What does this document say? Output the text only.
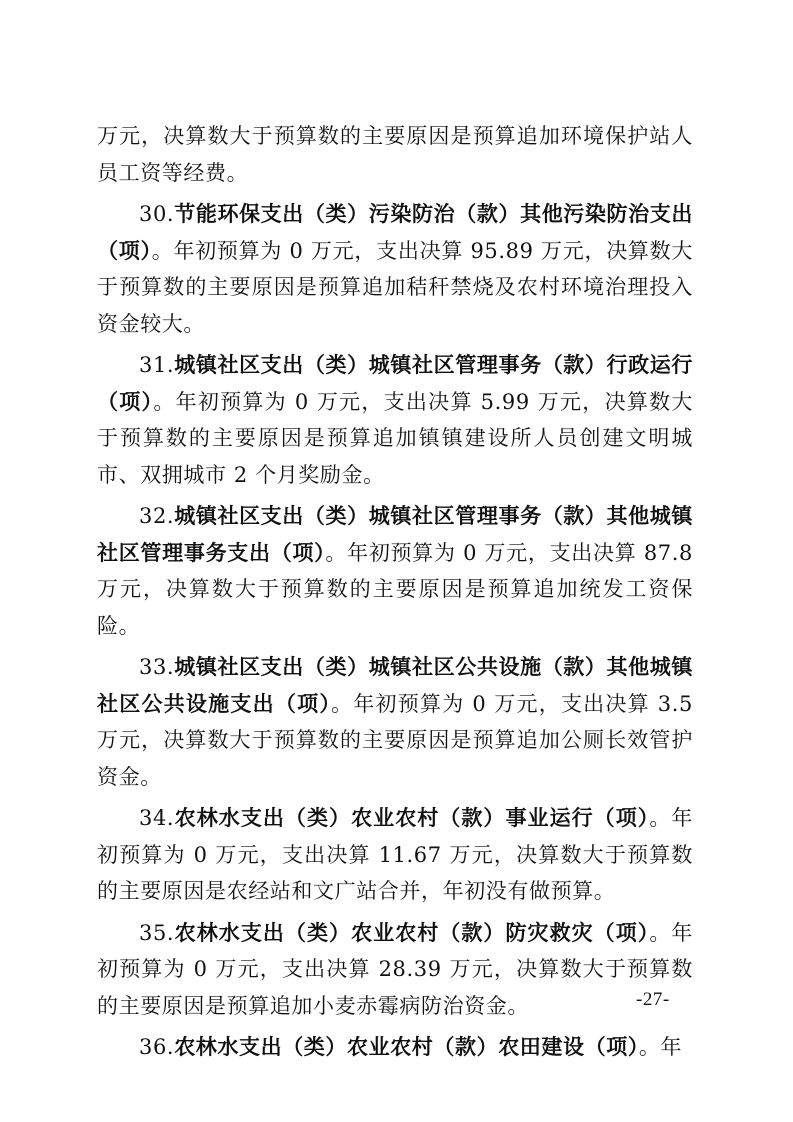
万元，决算数大于预算数的主要原因是预算追加环境保护站人员工资等经费。

30.节能环保支出（类）污染防治（款）其他污染防治支出（项）。年初预算为 0 万元，支出决算 95.89 万元，决算数大于预算数的主要原因是预算追加秸秆禁烧及农村环境治理投入资金较大。

31.城镇社区支出（类）城镇社区管理事务（款）行政运行（项）。年初预算为 0 万元，支出决算 5.99 万元，决算数大于预算数的主要原因是预算追加镇镇建设所人员创建文明城市、双拥城市 2 个月奖励金。

32.城镇社区支出（类）城镇社区管理事务（款）其他城镇社区管理事务支出（项）。年初预算为 0 万元，支出决算 87.8 万元，决算数大于预算数的主要原因是预算追加统发工资保险。

33.城镇社区支出（类）城镇社区公共设施（款）其他城镇社区公共设施支出（项）。年初预算为 0 万元，支出决算 3.5 万元，决算数大于预算数的主要原因是预算追加公厕长效管护资金。

34.农林水支出（类）农业农村（款）事业运行（项）。年初预算为 0 万元，支出决算 11.67 万元，决算数大于预算数的主要原因是农经站和文广站合并，年初没有做预算。

35.农林水支出（类）农业农村（款）防灾救灾（项）。年初预算为 0 万元，支出决算 28.39 万元，决算数大于预算数的主要原因是预算追加小麦赤霉病防治资金。

36.农林水支出（类）农业农村（款）农田建设（项）。年

-27-
